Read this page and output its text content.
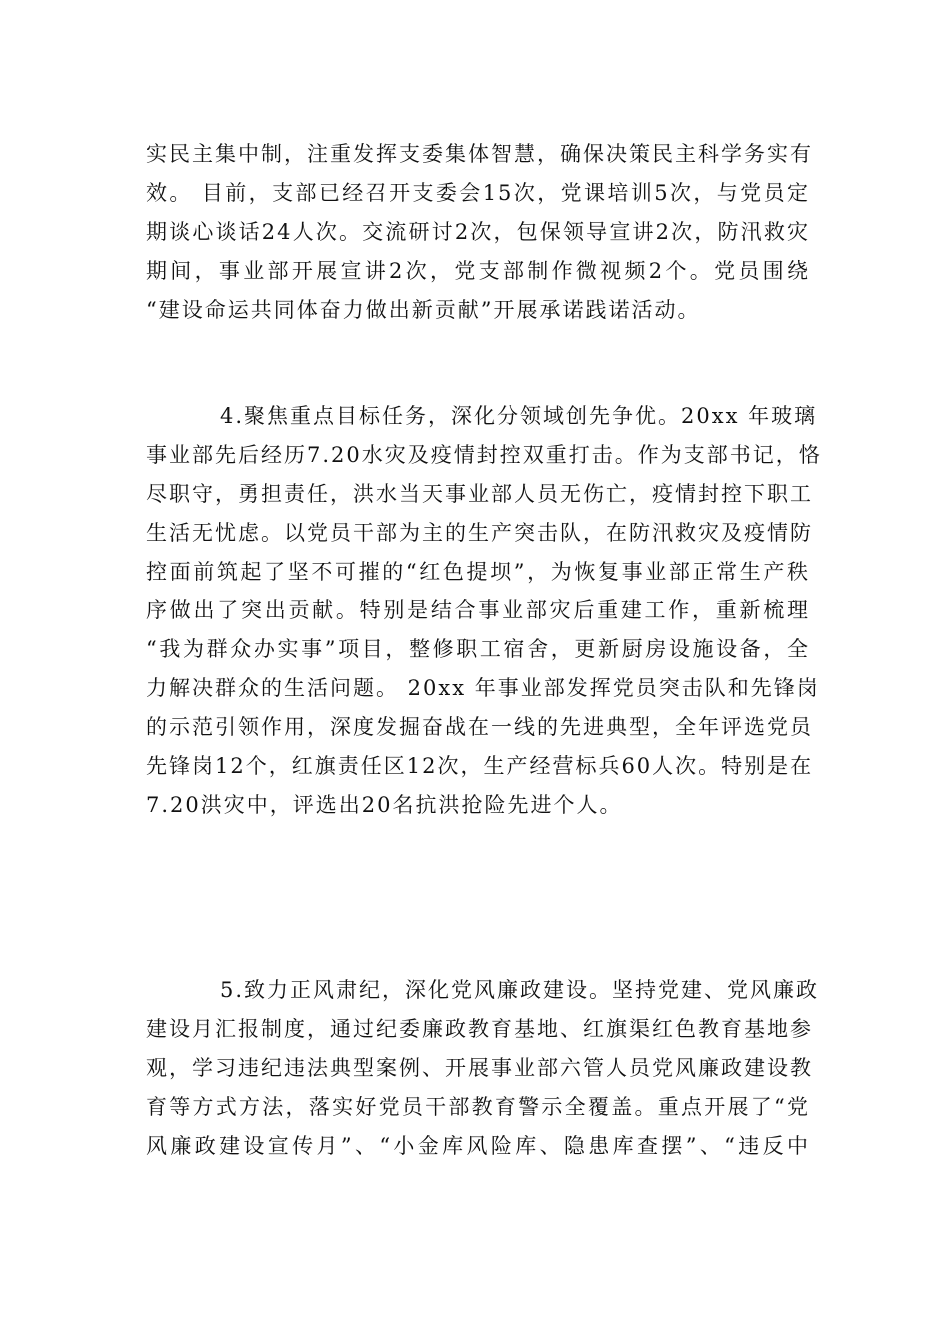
实民主集中制，注重发挥支委集体智慧，确保决策民主科学务实有
效。 目前，支部已经召开支委会15次，党课培训5次，与党员定
期谈心谈话24人次。交流研讨2次，包保领导宣讲2次，防汛救灾
期间，事业部开展宣讲2次，党支部制作微视频2个。党员围绕
“建设命运共同体奋力做出新贡献”开展承诺践诺活动。
4.聚焦重点目标任务，深化分领域创先争优。20xx 年玻璃
事业部先后经历7.20水灾及疫情封控双重打击。作为支部书记，恪
尽职守，勇担责任，洪水当天事业部人员无伤亡，疫情封控下职工
生活无忧虑。以党员干部为主的生产突击队，在防汛救灾及疫情防
控面前筑起了坚不可摧的“红色提坝”，为恢复事业部正常生产秩
序做出了突出贡献。特别是结合事业部灾后重建工作，重新梳理
“我为群众办实事”项目，整修职工宿舍，更新厨房设施设备，全
力解决群众的生活问题。 20xx 年事业部发挥党员突击队和先锋岗
的示范引领作用，深度发掘奋战在一线的先进典型，全年评选党员
先锋岗12个，红旗责任区12次，生产经营标兵60人次。特别是在
7.20洪灾中，评选出20名抗洪抢险先进个人。
5.致力正风肃纪，深化党风廉政建设。坚持党建、党风廉政
建设月汇报制度，通过纪委廉政教育基地、红旗渠红色教育基地参
观，学习违纪违法典型案例、开展事业部六管人员党风廉政建设教
育等方式方法，落实好党员干部教育警示全覆盖。重点开展了“党
风廉政建设宣传月”、“小金库风险库、隐患库查摆”、“违反中
